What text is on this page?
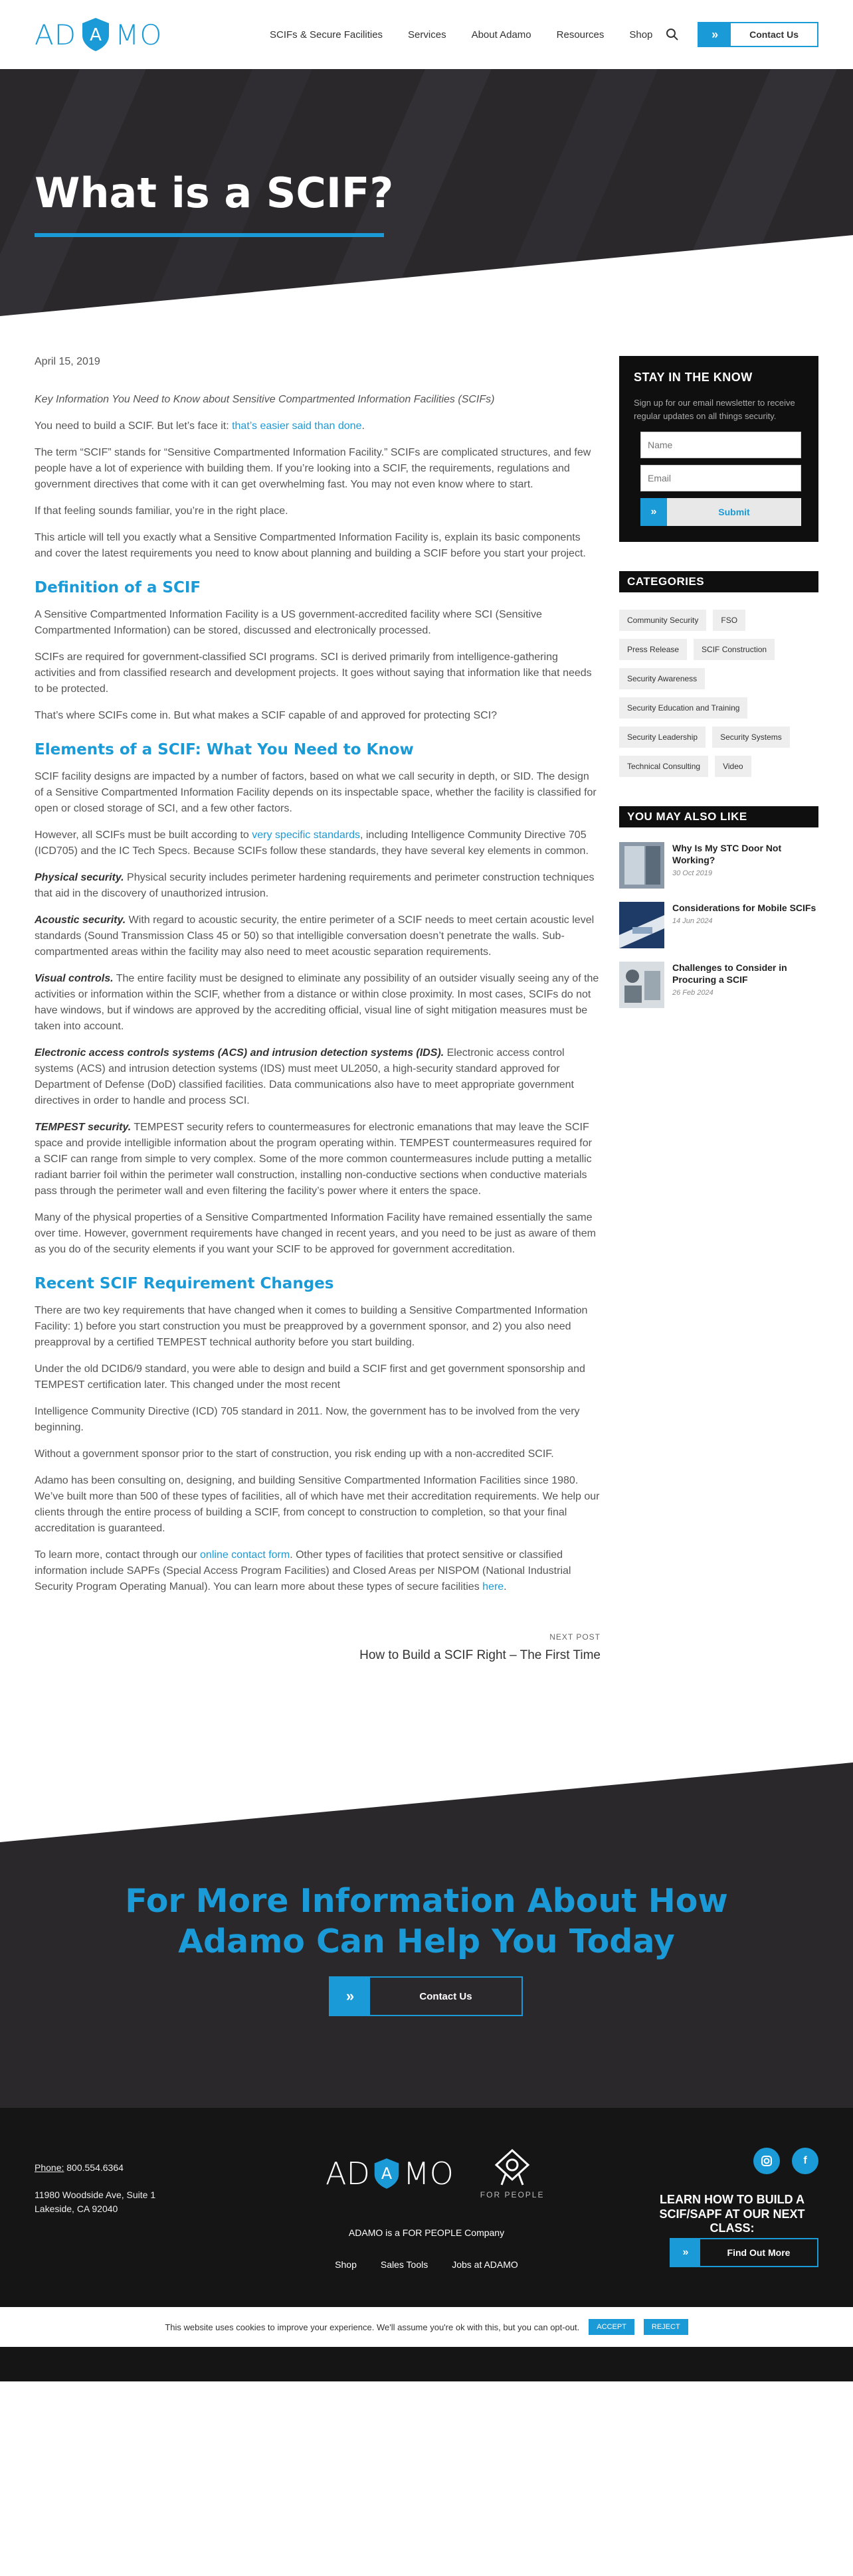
AD A MO	SCIFs & Secure Facilities	Services	About Adamo	Resources	Shop	»	Contact Us
What is a SCIF?
April 15, 2019

Key Information You Need to Know about Sensitive Compartmented Information Facilities (SCIFs)

You need to build a SCIF. But let’s face it: that’s easier said than done.

The term “SCIF” stands for “Sensitive Compartmented Information Facility.” SCIFs are complicated structures, and few people have a lot of experience with building them. If you’re looking into a SCIF, the requirements, regulations and government directives that come with it can get overwhelming fast. You may not even know where to start.

If that feeling sounds familiar, you’re in the right place.

This article will tell you exactly what a Sensitive Compartmented Information Facility is, explain its basic components and cover the latest requirements you need to know about planning and building a SCIF before you start your project.

Definition of a SCIF

A Sensitive Compartmented Information Facility is a US government-accredited facility where SCI (Sensitive Compartmented Information) can be stored, discussed and electronically processed.

SCIFs are required for government-classified SCI programs. SCI is derived primarily from intelligence-gathering activities and from classified research and development projects. It goes without saying that information like that needs to be protected.

That’s where SCIFs come in. But what makes a SCIF capable of and approved for protecting SCI?

Elements of a SCIF: What You Need to Know

SCIF facility designs are impacted by a number of factors, based on what we call security in depth, or SID. The design of a Sensitive Compartmented Information Facility depends on its inspectable space, whether the facility is classified for open or closed storage of SCI, and a few other factors.

However, all SCIFs must be built according to very specific standards, including Intelligence Community Directive 705 (ICD705) and the IC Tech Specs. Because SCIFs follow these standards, they have several key elements in common.

Physical security. Physical security includes perimeter hardening requirements and perimeter construction techniques that aid in the discovery of unauthorized intrusion.

Acoustic security. With regard to acoustic security, the entire perimeter of a SCIF needs to meet certain acoustic level standards (Sound Transmission Class 45 or 50) so that intelligible conversation doesn’t penetrate the walls. Sub-compartmented areas within the facility may also need to meet acoustic separation requirements.

Visual controls. The entire facility must be designed to eliminate any possibility of an outsider visually seeing any of the activities or information within the SCIF, whether from a distance or within close proximity. In most cases, SCIFs do not have windows, but if windows are approved by the accrediting official, visual line of sight mitigation measures must be taken into account.

Electronic access controls systems (ACS) and intrusion detection systems (IDS). Electronic access control systems (ACS) and intrusion detection systems (IDS) must meet UL2050, a high-security standard approved for Department of Defense (DoD) classified facilities. Data communications also have to meet appropriate government directives in order to handle and process SCI.

TEMPEST security. TEMPEST security refers to countermeasures for electronic emanations that may leave the SCIF space and provide intelligible information about the program operating within. TEMPEST countermeasures required for a SCIF can range from simple to very complex. Some of the more common countermeasures include putting a metallic radiant barrier foil within the perimeter wall construction, installing non-conductive sections when conductive materials pass through the perimeter wall and even filtering the facility’s power where it enters the space.

Many of the physical properties of a Sensitive Compartmented Information Facility have remained essentially the same over time. However, government requirements have changed in recent years, and you need to be just as aware of them as you do of the security elements if you want your SCIF to be approved for government accreditation.

Recent SCIF Requirement Changes

There are two key requirements that have changed when it comes to building a Sensitive Compartmented Information Facility: 1) before you start construction you must be preapproved by a government sponsor, and 2) you also need preapproval by a certified TEMPEST technical authority before you start building.

Under the old DCID6/9 standard, you were able to design and build a SCIF first and get government sponsorship and TEMPEST certification later. This changed under the most recent

Intelligence Community Directive (ICD) 705 standard in 2011. Now, the government has to be involved from the very beginning.

Without a government sponsor prior to the start of construction, you risk ending up with a non-accredited SCIF.

Adamo has been consulting on, designing, and building Sensitive Compartmented Information Facilities since 1980. We’ve built more than 500 of these types of facilities, all of which have met their accreditation requirements. We help our clients through the entire process of building a SCIF, from concept to construction to completion, so that your final accreditation is guaranteed.

To learn more, contact through our online contact form. Other types of facilities that protect sensitive or classified information include SAPFs (Special Access Program Facilities) and Closed Areas per NISPOM (National Industrial Security Program Operating Manual). You can learn more about these types of secure facilities here.

NEXT POST
How to Build a SCIF Right – The First Time
STAY IN THE KNOW

Sign up for our email newsletter to receive regular updates on all things security.

Name
Email
»	Submit
CATEGORIES
Community Security	FSO
Press Release	SCIF Construction
Security Awareness
Security Education and Training
Security Leadership	Security Systems
Technical Consulting	Video
YOU MAY ALSO LIKE
Why Is My STC Door Not Working?
30 Oct 2019
Considerations for Mobile SCIFs
14 Jun 2024
Challenges to Consider in Procuring a SCIF
26 Feb 2024
For More Information About How
Adamo Can Help You Today
»	Contact Us
Phone: 800.554.6364
11980 Woodside Ave, Suite 1
Lakeside, CA 92040
AD A MO
FOR PEOPLE
ADAMO is a FOR PEOPLE Company
Shop	Sales Tools	Jobs at ADAMO
f
LEARN HOW TO BUILD A SCIF/SAPF AT OUR NEXT CLASS:
»	Find Out More
This website uses cookies to improve your experience. We'll assume you're ok with this, but you can opt-out.	ACCEPT	REJECT
